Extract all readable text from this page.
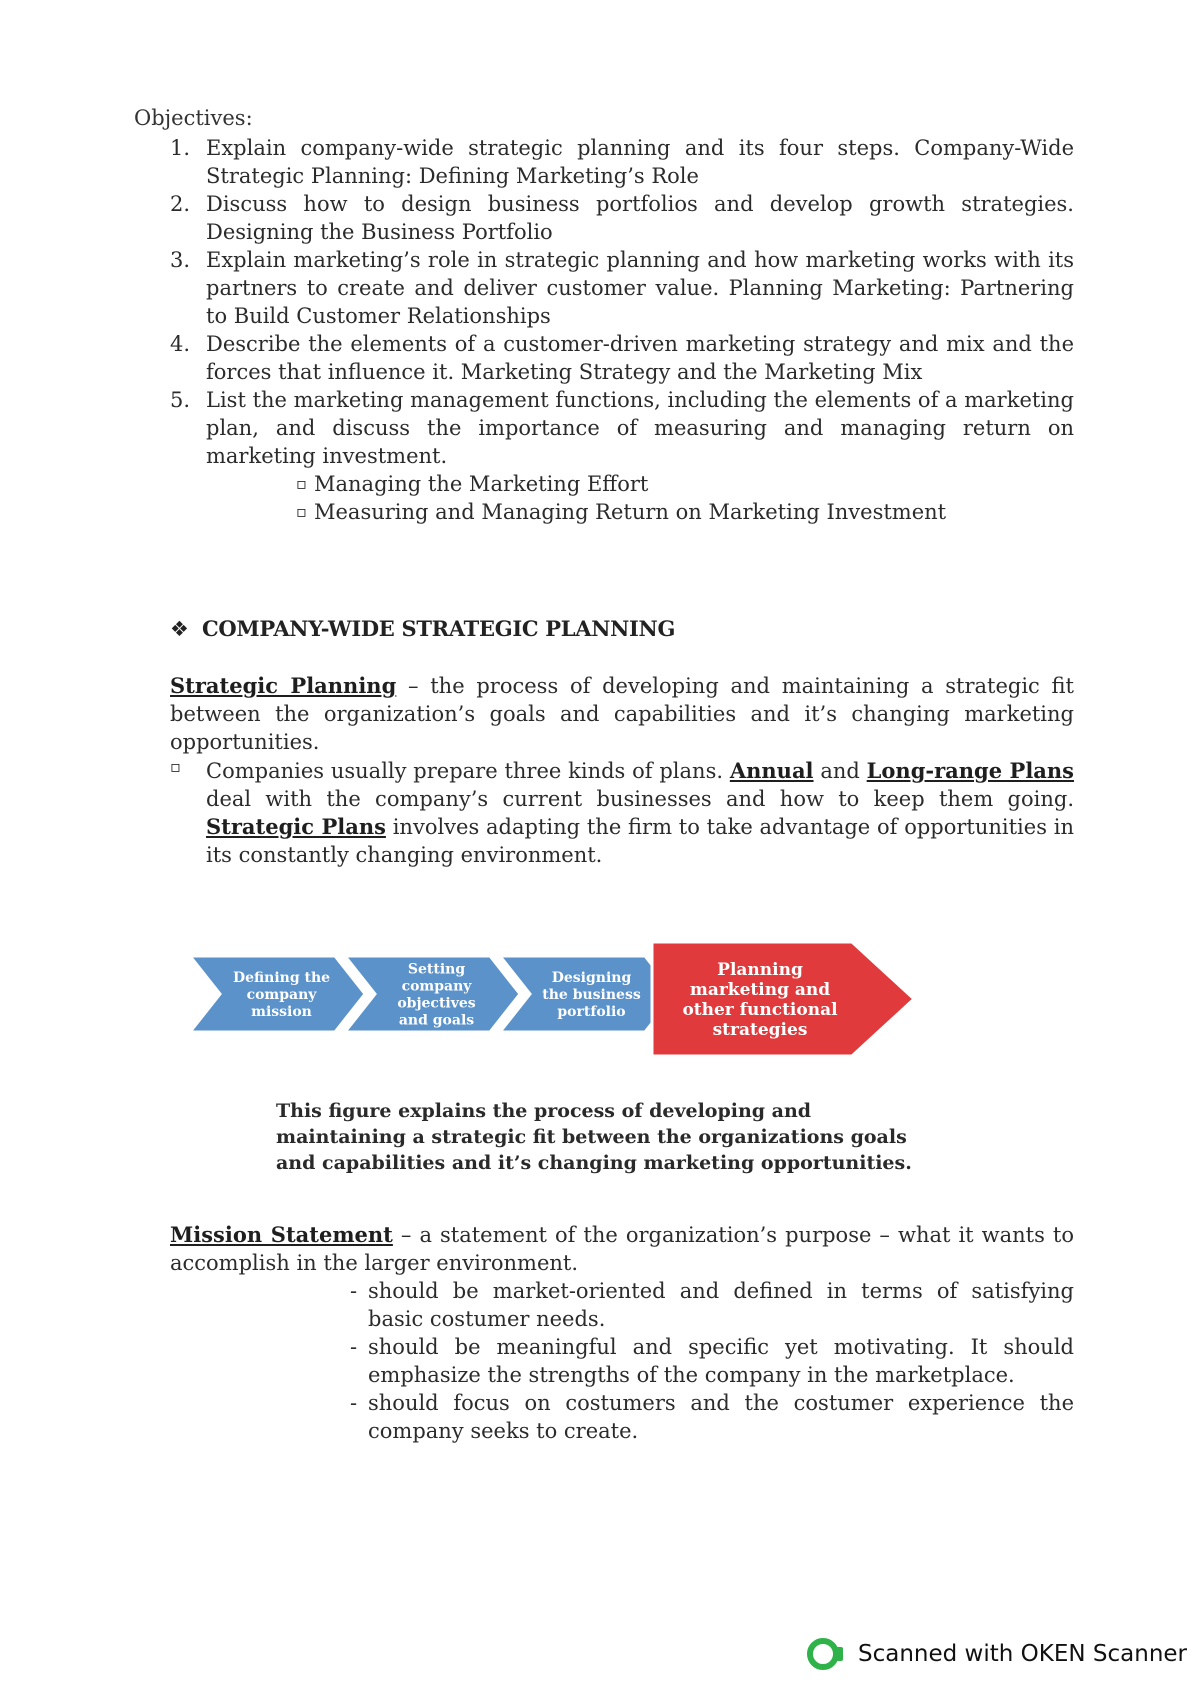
Objectives:
1. Explain company-wide strategic planning and its four steps. Company-Wide Strategic Planning: Defining Marketing’s Role
2. Discuss how to design business portfolios and develop growth strategies. Designing the Business Portfolio
3. Explain marketing’s role in strategic planning and how marketing works with its partners to create and deliver customer value. Planning Marketing: Partnering to Build Customer Relationships
4. Describe the elements of a customer-driven marketing strategy and mix and the forces that influence it. Marketing Strategy and the Marketing Mix
5. List the marketing management functions, including the elements of a marketing plan, and discuss the importance of measuring and managing return on marketing investment.
▫ Managing the Marketing Effort
▫ Measuring and Managing Return on Marketing Investment
❖ COMPANY-WIDE STRATEGIC PLANNING

Strategic Planning – the process of developing and maintaining a strategic fit between the organization’s goals and capabilities and it’s changing marketing opportunities.

▫ Companies usually prepare three kinds of plans. Annual and Long-range Plans deal with the company’s current businesses and how to keep them going. Strategic Plans involves adapting the firm to take advantage of opportunities in its constantly changing environment.

Defining the
company
mission
Setting
company
objectives
and goals
Designing
the business
portfolio
Planning
marketing and
other functional
strategies
This figure explains the process of developing and maintaining a strategic fit between the organizations goals and capabilities and it’s changing marketing opportunities.

Mission Statement – a statement of the organization’s purpose – what it wants to accomplish in the larger environment.

- should be market-oriented and defined in terms of satisfying basic costumer needs.
- should be meaningful and specific yet motivating. It should emphasize the strengths of the company in the marketplace.
- should focus on costumers and the costumer experience the company seeks to create.
Scanned with OKEN Scanner
